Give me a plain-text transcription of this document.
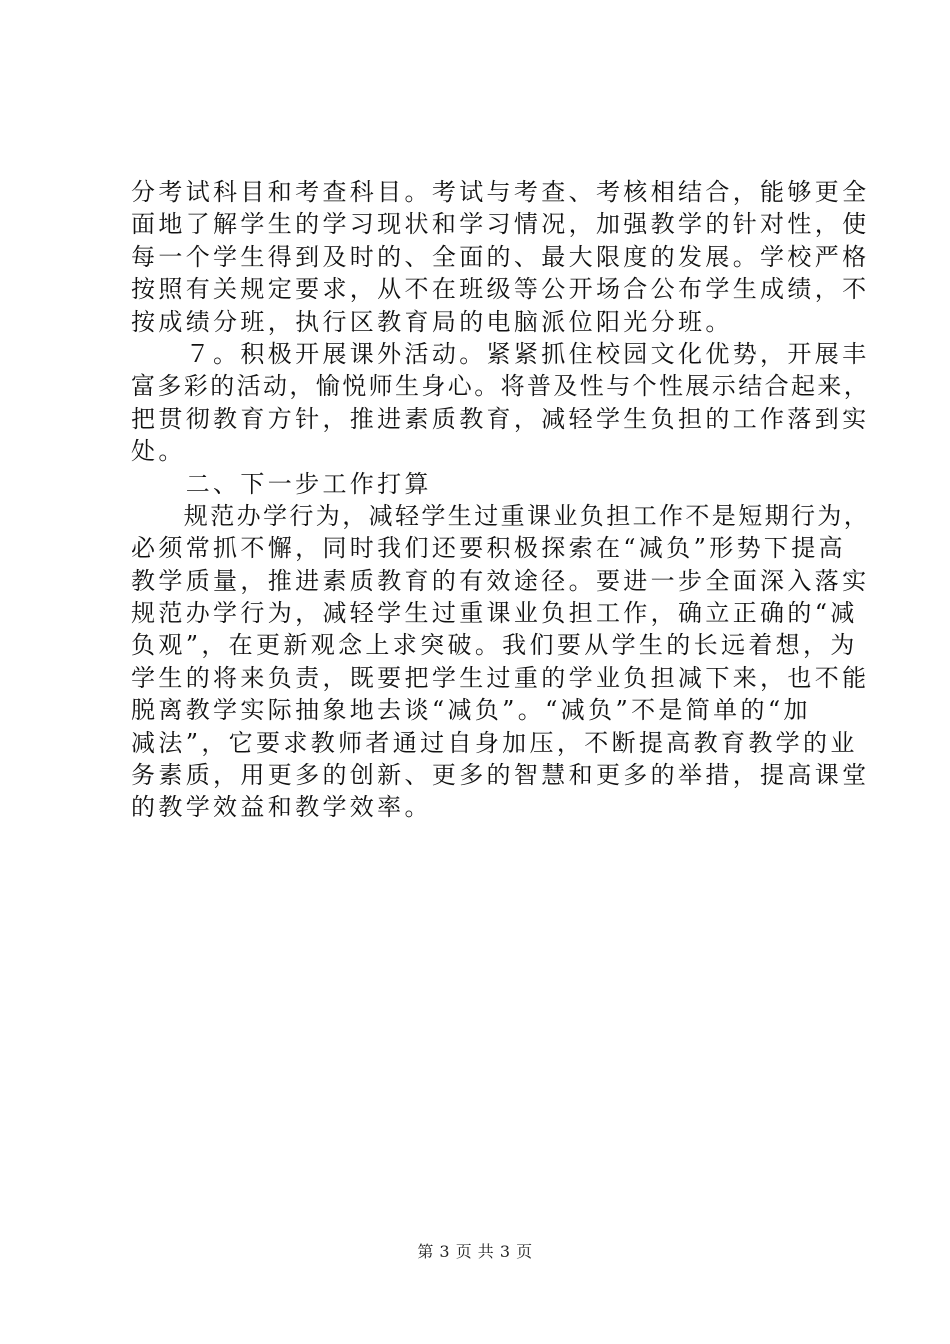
分考试科目和考查科目。考试与考查、考核相结合，能够更全
面地了解学生的学习现状和学习情况，加强教学的针对性，使
每一个学生得到及时的、全面的、最大限度的发展。学校严格
按照有关规定要求，从不在班级等公开场合公布学生成绩，不
按成绩分班，执行区教育局的电脑派位阳光分班。
　　７。积极开展课外活动。紧紧抓住校园文化优势，开展丰
富多彩的活动，愉悦师生身心。将普及性与个性展示结合起来，
把贯彻教育方针，推进素质教育，减轻学生负担的工作落到实
处。
　　二、下一步工作打算
　　规范办学行为，减轻学生过重课业负担工作不是短期行为，
必须常抓不懈，同时我们还要积极探索在“减负”形势下提高
教学质量，推进素质教育的有效途径。要进一步全面深入落实
规范办学行为，减轻学生过重课业负担工作，确立正确的“减
负观”，在更新观念上求突破。我们要从学生的长远着想，为
学生的将来负责，既要把学生过重的学业负担减下来，也不能
脱离教学实际抽象地去谈“减负”。“减负”不是简单的“加
减法”，它要求教师者通过自身加压，不断提高教育教学的业
务素质，用更多的创新、更多的智慧和更多的举措，提高课堂
的教学效益和教学效率。
第 3 页 共 3 页
